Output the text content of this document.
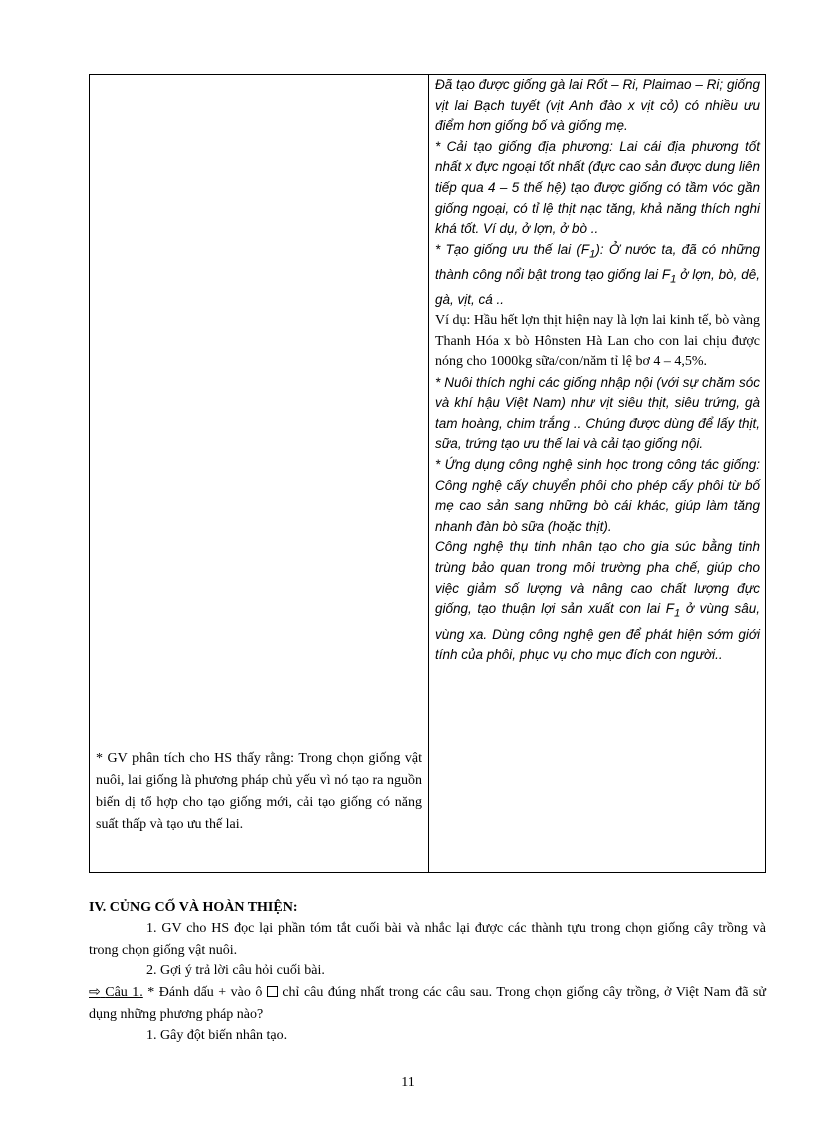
* GV phân tích cho HS thấy rằng: Trong chọn giống vật nuôi, lai giống là phương pháp chủ yếu vì nó tạo ra nguồn biến dị tổ hợp cho tạo giống mới, cải tạo giống có năng suất thấp và tạo ưu thế lai.

Đã tạo được giống gà lai Rốt – Ri, Plaimao – Ri; giống vịt lai Bạch tuyết (vịt Anh đào x vịt cỏ) có nhiều ưu điểm hơn giống bố và giống mẹ.

* Cải tạo giống địa phương: Lai cái địa phương tốt nhất x đực ngoại tốt nhất (đực cao sản được dung liên tiếp qua 4 – 5 thế hệ) tạo được giống có tầm vóc gần giống ngoại, có tỉ lệ thịt nạc tăng, khả năng thích nghi khá tốt. Ví dụ, ở lợn, ở bò ..

* Tạo giống ưu thế lai $(F_1)$: Ở nước ta, đã có những thành công nổi bật trong tạo giống lai $F_1$ ở lợn, bò, dê, gà, vịt, cá ..

Ví dụ: Hầu hết lợn thịt hiện nay là lợn lai kinh tế, bò vàng Thanh Hóa x bò Hônsten Hà Lan cho con lai chịu được nóng cho 1000kg sữa/con/năm tỉ lệ bơ 4 – 4,5%.

* Nuôi thích nghi các giống nhập nội (với sự chăm sóc và khí hậu Việt Nam) như vịt siêu thịt, siêu trứng, gà tam hoàng, chim trắng .. Chúng được dùng để lấy thịt, sữa, trứng tạo ưu thế lai và cải tạo giống nội.

* Ứng dụng công nghệ sinh học trong công tác giống: Công nghệ cấy chuyển phôi cho phép cấy phôi từ bố mẹ cao sản sang những bò cái khác, giúp làm tăng nhanh đàn bò sữa (hoặc thịt).

Công nghệ thụ tinh nhân tạo cho gia súc bằng tinh trùng bảo quan trong môi trường pha chế, giúp cho việc giảm số lượng và nâng cao chất lượng đực giống, tạo thuận lợi sản xuất con lai $F_1$ ở vùng sâu, vùng xa. Dùng công nghệ gen để phát hiện sớm giới tính của phôi, phục vụ cho mục đích con người..

IV. CỦNG CỐ VÀ HOÀN THIỆN:
1. GV cho HS đọc lại phần tóm tắt cuối bài và nhắc lại được các thành tựu trong chọn giống cây trồng và trong chọn giống vật nuôi.
2. Gợi ý trả lời câu hỏi cuối bài.
⇨ Câu 1. * Đánh dấu + vào ô  chỉ câu đúng nhất trong các câu sau. Trong chọn giống cây trồng, ở Việt Nam đã sử dụng những phương pháp nào?
1. Gây đột biến nhân tạo.
11
